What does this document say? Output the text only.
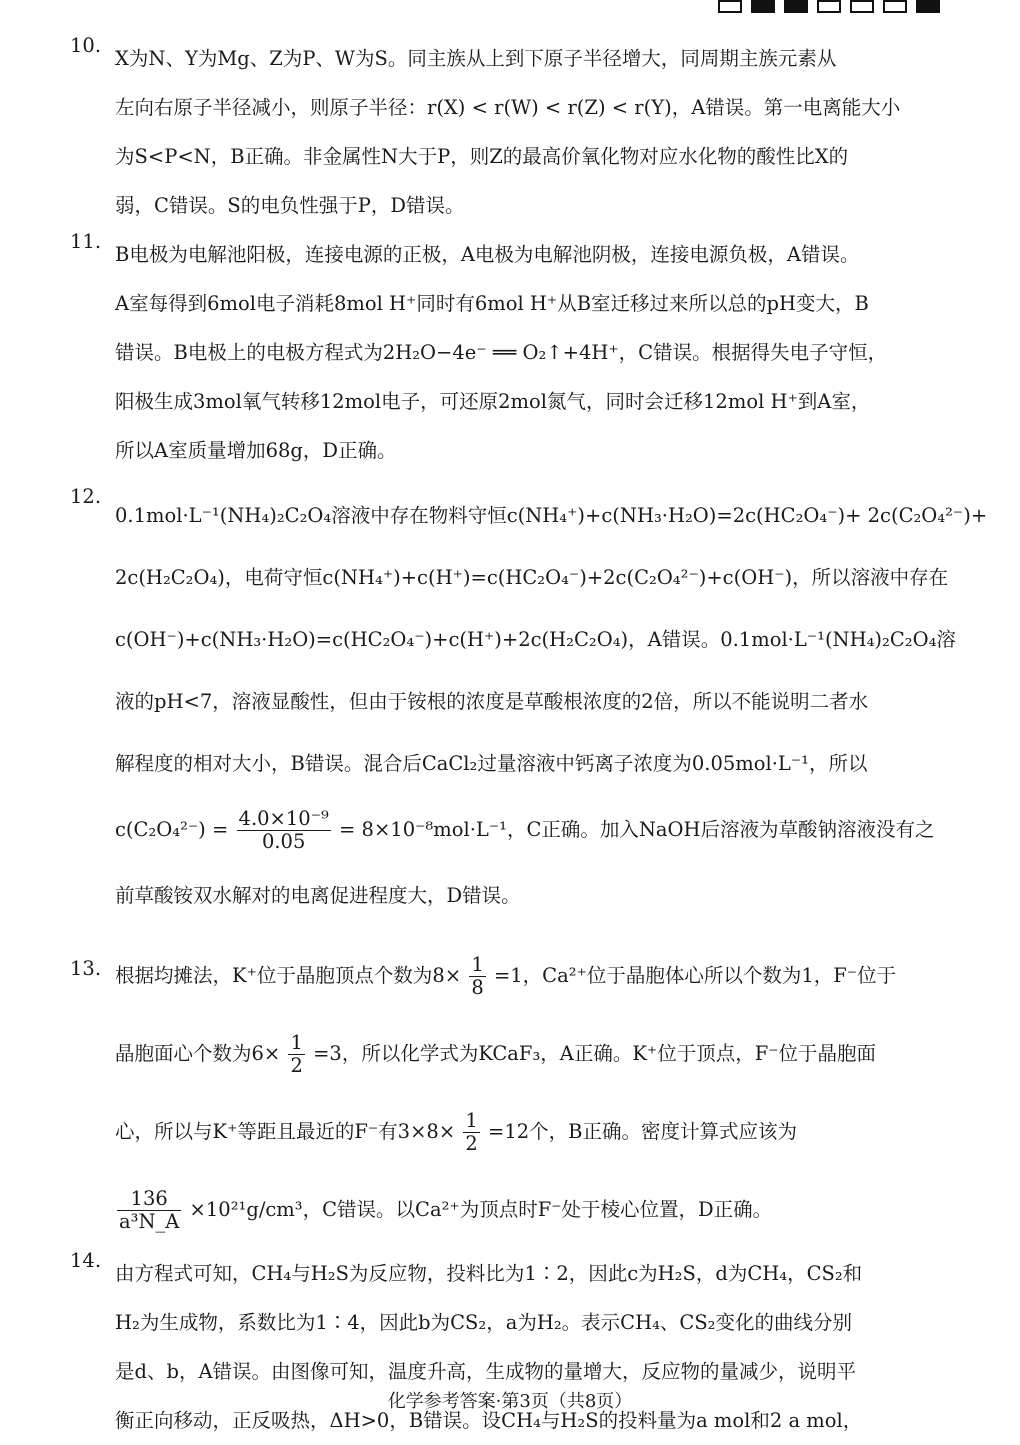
10.
X为N、Y为Mg、Z为P、W为S。同主族从上到下原子半径增大，同周期主族元素从
左向右原子半径减小，则原子半径：r(X) < r(W) < r(Z) < r(Y)，A错误。第一电离能大小
为S<P<N，B正确。非金属性N大于P，则Z的最高价氧化物对应水化物的酸性比X的
弱，C错误。S的电负性强于P，D错误。
11.
B电极为电解池阳极，连接电源的正极，A电极为电解池阴极，连接电源负极，A错误。
A室每得到6mol电子消耗8mol H⁺同时有6mol H⁺从B室迁移过来所以总的pH变大，B
错误。B电极上的电极方程式为2H₂O−4e⁻ ══ O₂↑+4H⁺，C错误。根据得失电子守恒，
阳极生成3mol氧气转移12mol电子，可还原2mol氮气，同时会迁移12mol H⁺到A室，
所以A室质量增加68g，D正确。
12.
0.1mol·L⁻¹(NH₄)₂C₂O₄溶液中存在物料守恒c(NH₄⁺)+c(NH₃·H₂O)=2c(HC₂O₄⁻)+ 2c(C₂O₄²⁻)+
2c(H₂C₂O₄)，电荷守恒c(NH₄⁺)+c(H⁺)=c(HC₂O₄⁻)+2c(C₂O₄²⁻)+c(OH⁻)，所以溶液中存在
c(OH⁻)+c(NH₃·H₂O)=c(HC₂O₄⁻)+c(H⁺)+2c(H₂C₂O₄)，A错误。0.1mol·L⁻¹(NH₄)₂C₂O₄溶
液的pH<7，溶液显酸性，但由于铵根的浓度是草酸根浓度的2倍，所以不能说明二者水
解程度的相对大小，B错误。混合后CaCl₂过量溶液中钙离子浓度为0.05mol·L⁻¹，所以
$c(C_2O_4^{2-}) = \frac{\text{4.0×10⁻⁹}}{0.05} = 8\times 10^{-8}mol\cdot L^{-1}$，C正确。加入NaOH后溶液为草酸钠溶液没有之
前草酸铵双水解对的电离促进程度大，D错误。
13. 根据均摊法，K⁺位于晶胞顶点个数为$8\times \frac{1}{8} =1$，Ca²⁺位于晶胞体心所以个数为1，F⁻位于
晶胞面心个数为$6\times \frac{1}{2} =3$，所以化学式为KCaF₃，A正确。K⁺位于顶点，F⁻位于晶胞面
心，所以与K⁺等距且最近的F⁻有$3\times 8\times \frac{1}{2} =12$个，B正确。密度计算式应该为
$\frac{136}{\text{a³N\_A}} \times 10^{21}g/cm^3$，C错误。以Ca²⁺为顶点时F⁻处于棱心位置，D正确。
14.
由方程式可知，CH₄与H₂S为反应物，投料比为1∶2，因此c为H₂S，d为CH₄，CS₂和
H₂为生成物，系数比为1∶4，因此b为CS₂，a为H₂。表示CH₄、CS₂变化的曲线分别
是d、b，A错误。由图像可知，温度升高，生成物的量增大，反应物的量减少，说明平
衡正向移动，正反吸热，ΔH>0，B错误。设CH₄与H₂S的投料量为a mol和2 a mol，
化学参考答案·第3页（共8页）
